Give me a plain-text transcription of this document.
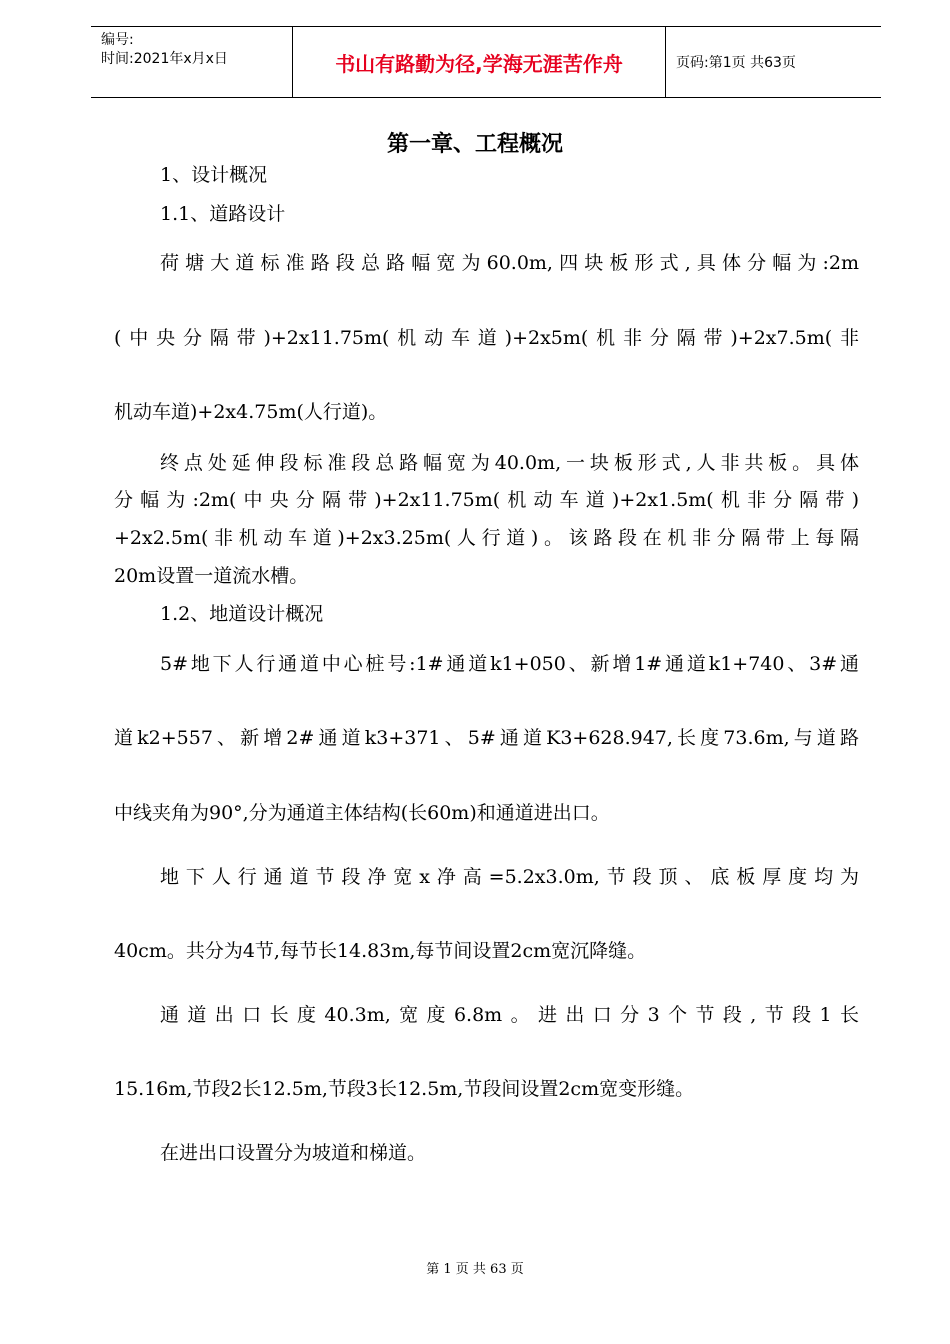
编号:
时间:2021年x月x日	书山有路勤为径,学海无涯苦作舟	页码:第1页 共63页
第一章、工程概况

1、设计概况

1.1、道路设计

荷塘大道标准路段总路幅宽为60.0m,四块板形式,具体分幅为:2m

(中央分隔带)+2x11.75m(机动车道)+2x5m(机非分隔带)+2x7.5m(非

机动车道)+2x4.75m(人行道)。

终点处延伸段标准段总路幅宽为40.0m,一块板形式,人非共板。具体

分幅为:2m(中央分隔带)+2x11.75m(机动车道)+2x1.5m(机非分隔带)

+2x2.5m(非机动车道)+2x3.25m(人行道)。该路段在机非分隔带上每隔

20m设置一道流水槽。

1.2、地道设计概况

5#地下人行通道中心桩号:1#通道k1+050、新增1#通道k1+740、3#通

道k2+557、新增2#通道k3+371、5#通道K3+628.947,长度73.6m,与道路

中线夹角为90°,分为通道主体结构(长60m)和通道进出口。

地下人行通道节段净宽x净高=5.2x3.0m,节段顶、底板厚度均为

40cm。共分为4节,每节长14.83m,每节间设置2cm宽沉降缝。

通道出口长度40.3m,宽度6.8m。进出口分3个节段,节段1长

15.16m,节段2长12.5m,节段3长12.5m,节段间设置2cm宽变形缝。

在进出口设置分为坡道和梯道。

第 1 页 共 63 页
